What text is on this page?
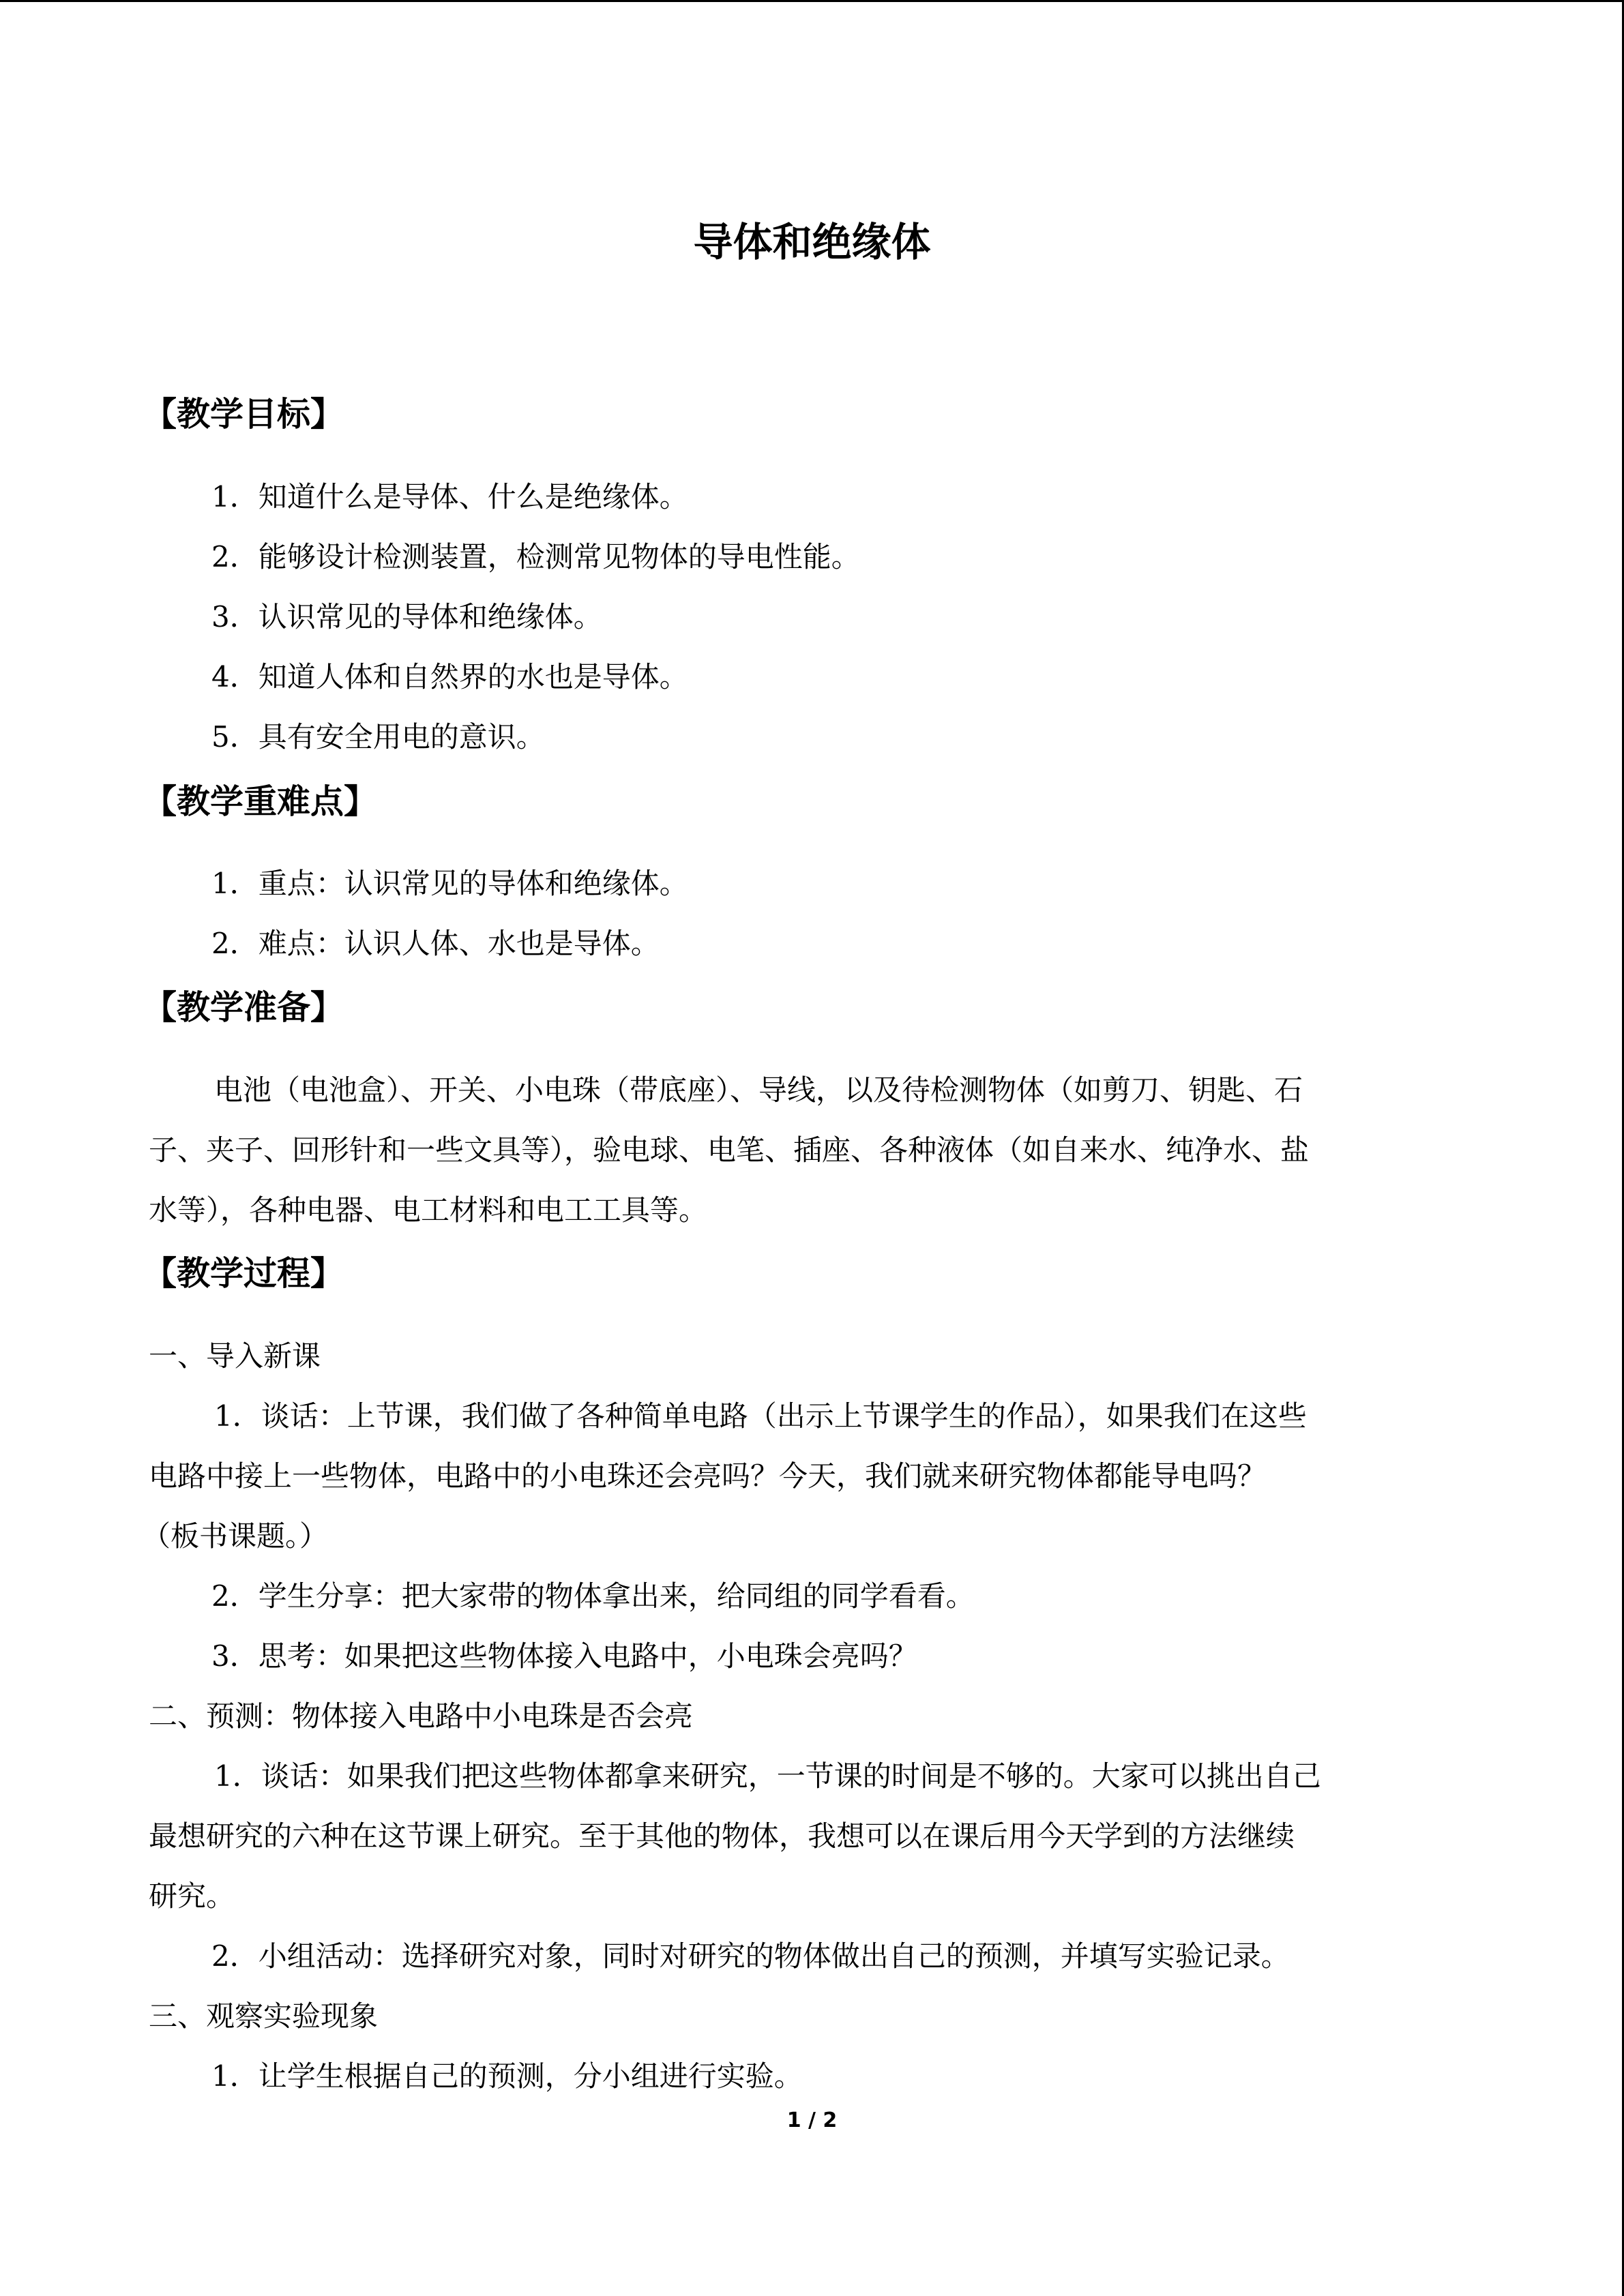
导体和绝缘体
【教学目标】
1．知道什么是导体、什么是绝缘体。
2．能够设计检测装置，检测常见物体的导电性能。
3．认识常见的导体和绝缘体。
4．知道人体和自然界的水也是导体。
5．具有安全用电的意识。
【教学重难点】
1．重点：认识常见的导体和绝缘体。
2．难点：认识人体、水也是导体。
【教学准备】
电池（电池盒）、开关、小电珠（带底座）、导线，以及待检测物体（如剪刀、钥匙、石
子、夹子、回形针和一些文具等），验电球、电笔、插座、各种液体（如自来水、纯净水、盐
水等），各种电器、电工材料和电工工具等。
【教学过程】
一、导入新课
1．谈话：上节课，我们做了各种简单电路（出示上节课学生的作品），如果我们在这些
电路中接上一些物体，电路中的小电珠还会亮吗？今天，我们就来研究物体都能导电吗？
（板书课题。）
2．学生分享：把大家带的物体拿出来，给同组的同学看看。
3．思考：如果把这些物体接入电路中，小电珠会亮吗？
二、预测：物体接入电路中小电珠是否会亮
1．谈话：如果我们把这些物体都拿来研究，一节课的时间是不够的。大家可以挑出自己
最想研究的六种在这节课上研究。至于其他的物体，我想可以在课后用今天学到的方法继续
研究。
2．小组活动：选择研究对象，同时对研究的物体做出自己的预测，并填写实验记录。
三、观察实验现象
1．让学生根据自己的预测，分小组进行实验。
1 / 2
